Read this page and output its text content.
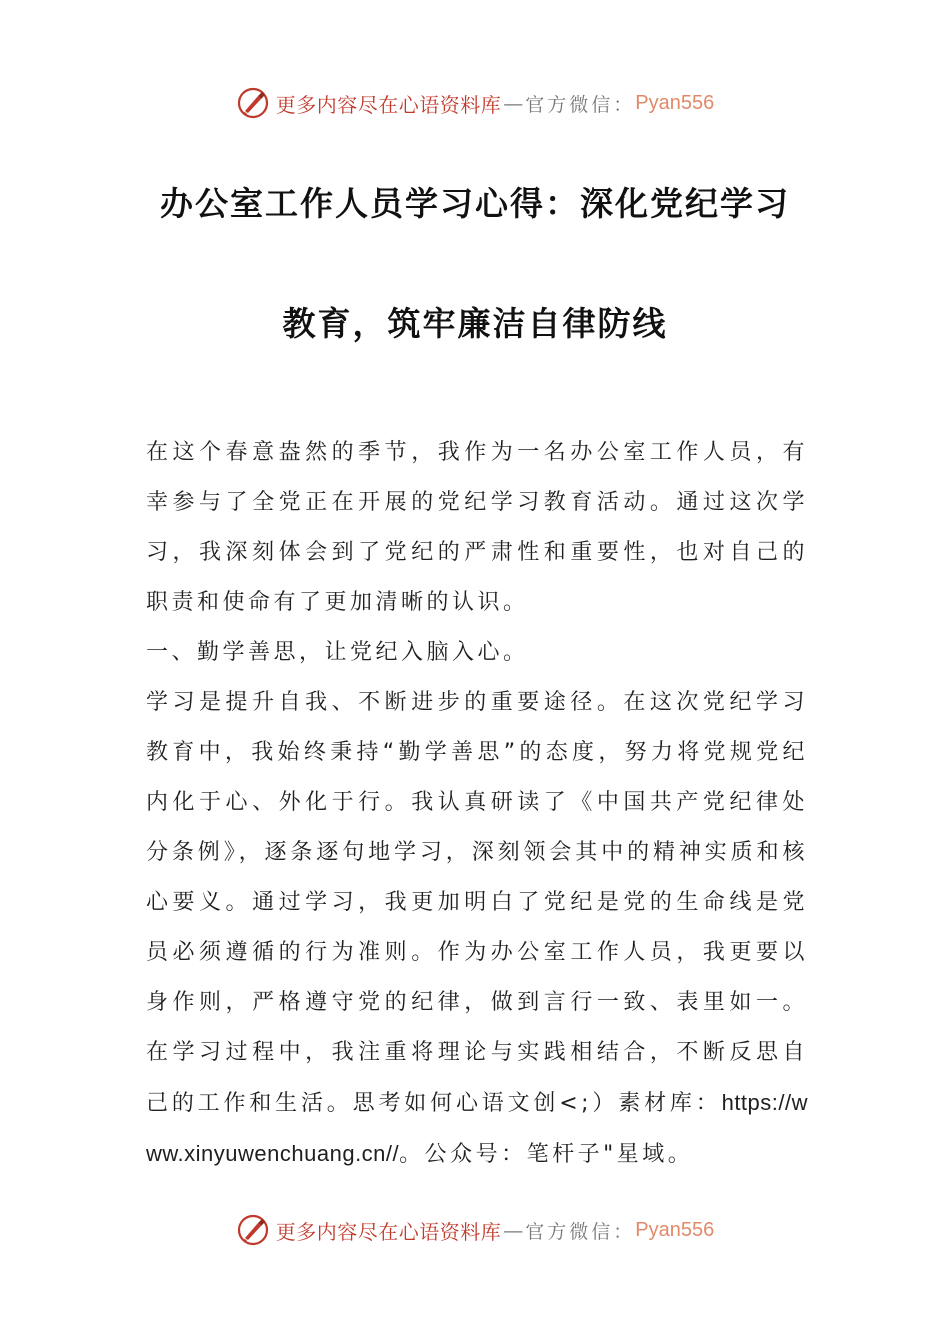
更多内容尽在心语资料库 — 官方微信： Pyan556
办公室工作人员学习心得：深化党纪学习
教育，筑牢廉洁自律防线

在这个春意盎然的季节，我作为一名办公室工作人员，有幸参与了全党正在开展的党纪学习教育活动。通过这次学习，我深刻体会到了党纪的严肃性和重要性，也对自己的职责和使命有了更加清晰的认识。

一、勤学善思，让党纪入脑入心。

学习是提升自我、不断进步的重要途径。在这次党纪学习教育中，我始终秉持“勤学善思”的态度，努力将党规党纪内化于心、外化于行。我认真研读了《中国共产党纪律处分条例》，逐条逐句地学习，深刻领会其中的精神实质和核心要义。通过学习，我更加明白了党纪是党的生命线是党员必须遵循的行为准则。作为办公室工作人员，我更要以身作则，严格遵守党的纪律，做到言行一致、表里如一。在学习过程中，我注重将理论与实践相结合，不断反思自己的工作和生活。思考如何心语文创<;）素材库：https://www.xinyuwenchuang.cn//。公众号：笔杆子"星域。

更多内容尽在心语资料库 — 官方微信： Pyan556
